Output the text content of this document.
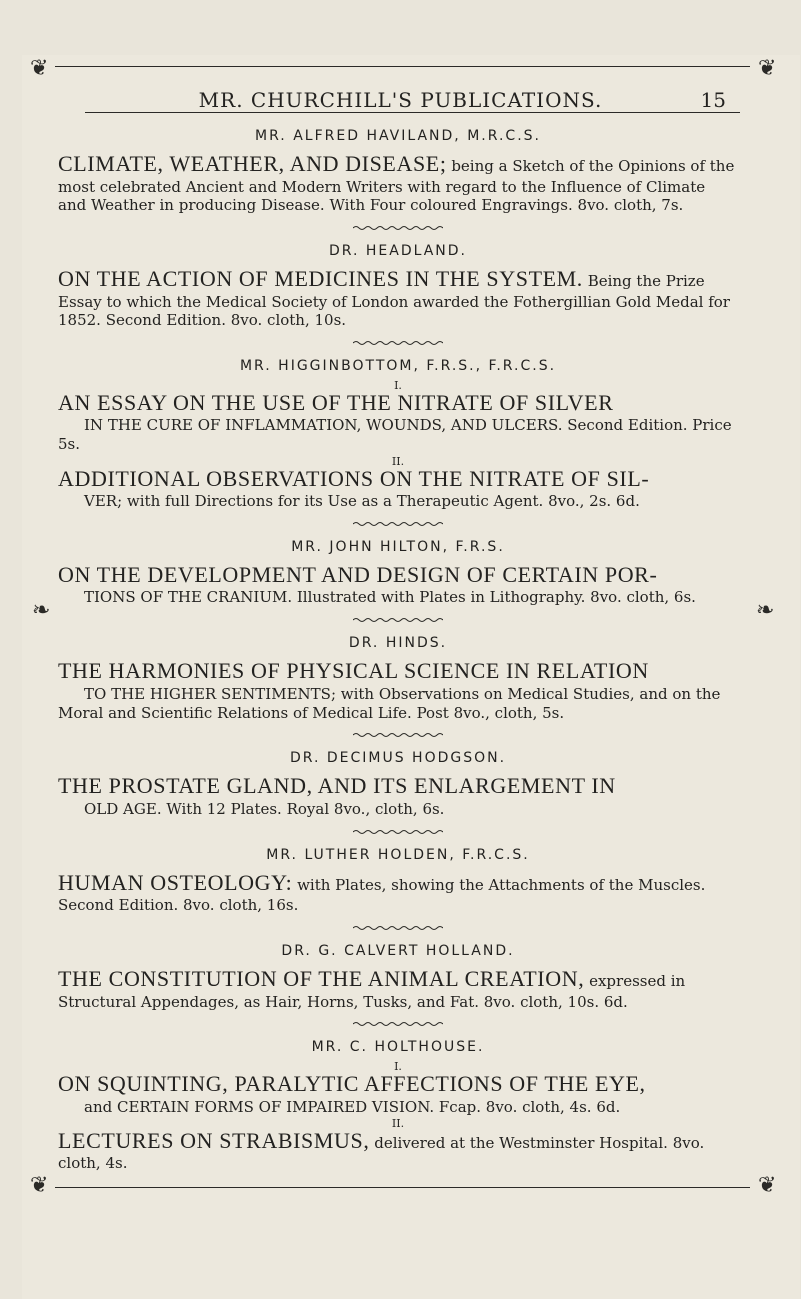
❦	❦
❦	❦
❧	❧
MR. CHURCHILL'S PUBLICATIONS.	15
MR. ALFRED HAVILAND, M.R.C.S.

CLIMATE, WEATHER, AND DISEASE; being a Sketch of the Opinions of the most celebrated Ancient and Modern Writers with regard to the Influence of Climate and Weather in producing Disease. With Four coloured Engravings. 8vo. cloth, 7s.

DR. HEADLAND.

ON THE ACTION OF MEDICINES IN THE SYSTEM. Being the Prize Essay to which the Medical Society of London awarded the Fothergillian Gold Medal for 1852. Second Edition. 8vo. cloth, 10s.

MR. HIGGINBOTTOM, F.R.S., F.R.C.S.
I.

AN ESSAY ON THE USE OF THE NITRATE OF SILVER
IN THE CURE OF INFLAMMATION, WOUNDS, AND ULCERS. Second Edition. Price 5s.

II.

ADDITIONAL OBSERVATIONS ON THE NITRATE OF SIL-
VER; with full Directions for its Use as a Therapeutic Agent. 8vo., 2s. 6d.

MR. JOHN HILTON, F.R.S.

ON THE DEVELOPMENT AND DESIGN OF CERTAIN POR-
TIONS OF THE CRANIUM. Illustrated with Plates in Lithography. 8vo. cloth, 6s.

DR. HINDS.

THE HARMONIES OF PHYSICAL SCIENCE IN RELATION
TO THE HIGHER SENTIMENTS; with Observations on Medical Studies, and on the Moral and Scientific Relations of Medical Life. Post 8vo., cloth, 5s.

DR. DECIMUS HODGSON.

THE PROSTATE GLAND, AND ITS ENLARGEMENT IN
OLD AGE. With 12 Plates. Royal 8vo., cloth, 6s.

MR. LUTHER HOLDEN, F.R.C.S.

HUMAN OSTEOLOGY: with Plates, showing the Attachments of the Muscles. Second Edition. 8vo. cloth, 16s.

DR. G. CALVERT HOLLAND.

THE CONSTITUTION OF THE ANIMAL CREATION, expressed in Structural Appendages, as Hair, Horns, Tusks, and Fat. 8vo. cloth, 10s. 6d.

MR. C. HOLTHOUSE.
I.

ON SQUINTING, PARALYTIC AFFECTIONS OF THE EYE,
and CERTAIN FORMS OF IMPAIRED VISION. Fcap. 8vo. cloth, 4s. 6d.

II.

LECTURES ON STRABISMUS, delivered at the Westminster Hospital. 8vo. cloth, 4s.
